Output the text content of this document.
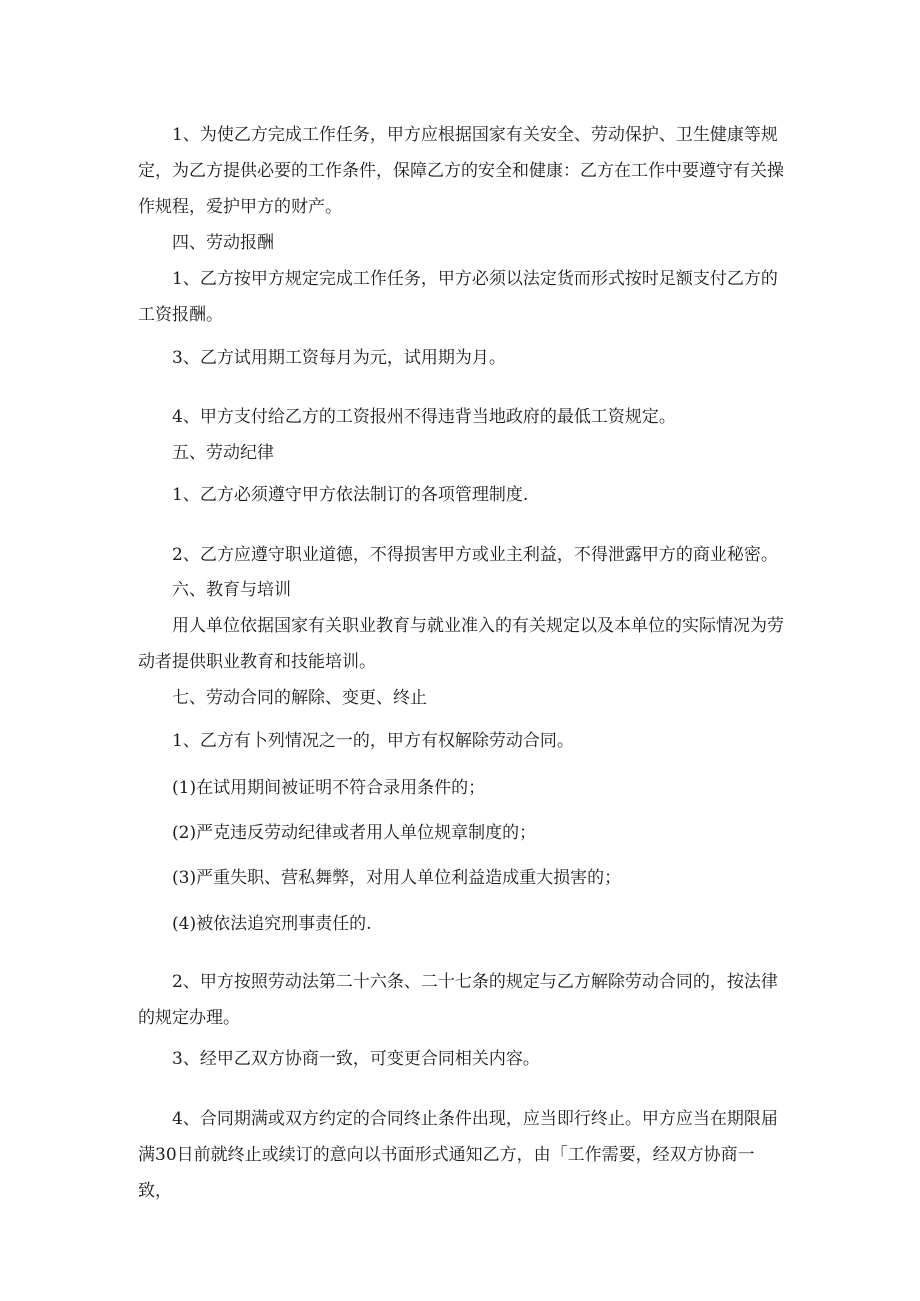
1、为使乙方完成工作任务，甲方应根据国家有关安全、劳动保护、卫生健康等规定，为乙方提供必要的工作条件，保障乙方的安全和健康：乙方在工作中要遵守有关操作规程，爱护甲方的财产。

四、劳动报酬

1、乙方按甲方规定完成工作任务，甲方必须以法定货而形式按时足额支付乙方的工资报酬。

3、乙方试用期工资每月为元，试用期为月。

4、甲方支付给乙方的工资报州不得违背当地政府的最低工资规定。

五、劳动纪律

1、乙方必须遵守甲方依法制订的各项管理制度.

2、乙方应遵守职业道德，不得损害甲方或业主利益，不得泄露甲方的商业秘密。

六、教育与培训

用人单位依据国家有关职业教育与就业准入的有关规定以及本单位的实际情况为劳动者提供职业教育和技能培训。

七、劳动合同的解除、变更、终止

1、乙方有卜列情况之一的，甲方有权解除劳动合同。

(1)在试用期间被证明不符合录用条件的；

(2)严克违反劳动纪律或者用人单位规章制度的；

(3)严重失职、营私舞弊，对用人单位利益造成重大损害的；

(4)被依法追究刑事责任的.

2、甲方按照劳动法第二十六条、二十七条的规定与乙方解除劳动合同的，按法律的规定办理。

3、经甲乙双方协商一致，可变更合同相关内容。

4、合同期满或双方约定的合同终止条件出现，应当即行终止。甲方应当在期限届满30日前就终止或续订的意向以书面形式通知乙方，由「工作需要，经双方协商一致，
